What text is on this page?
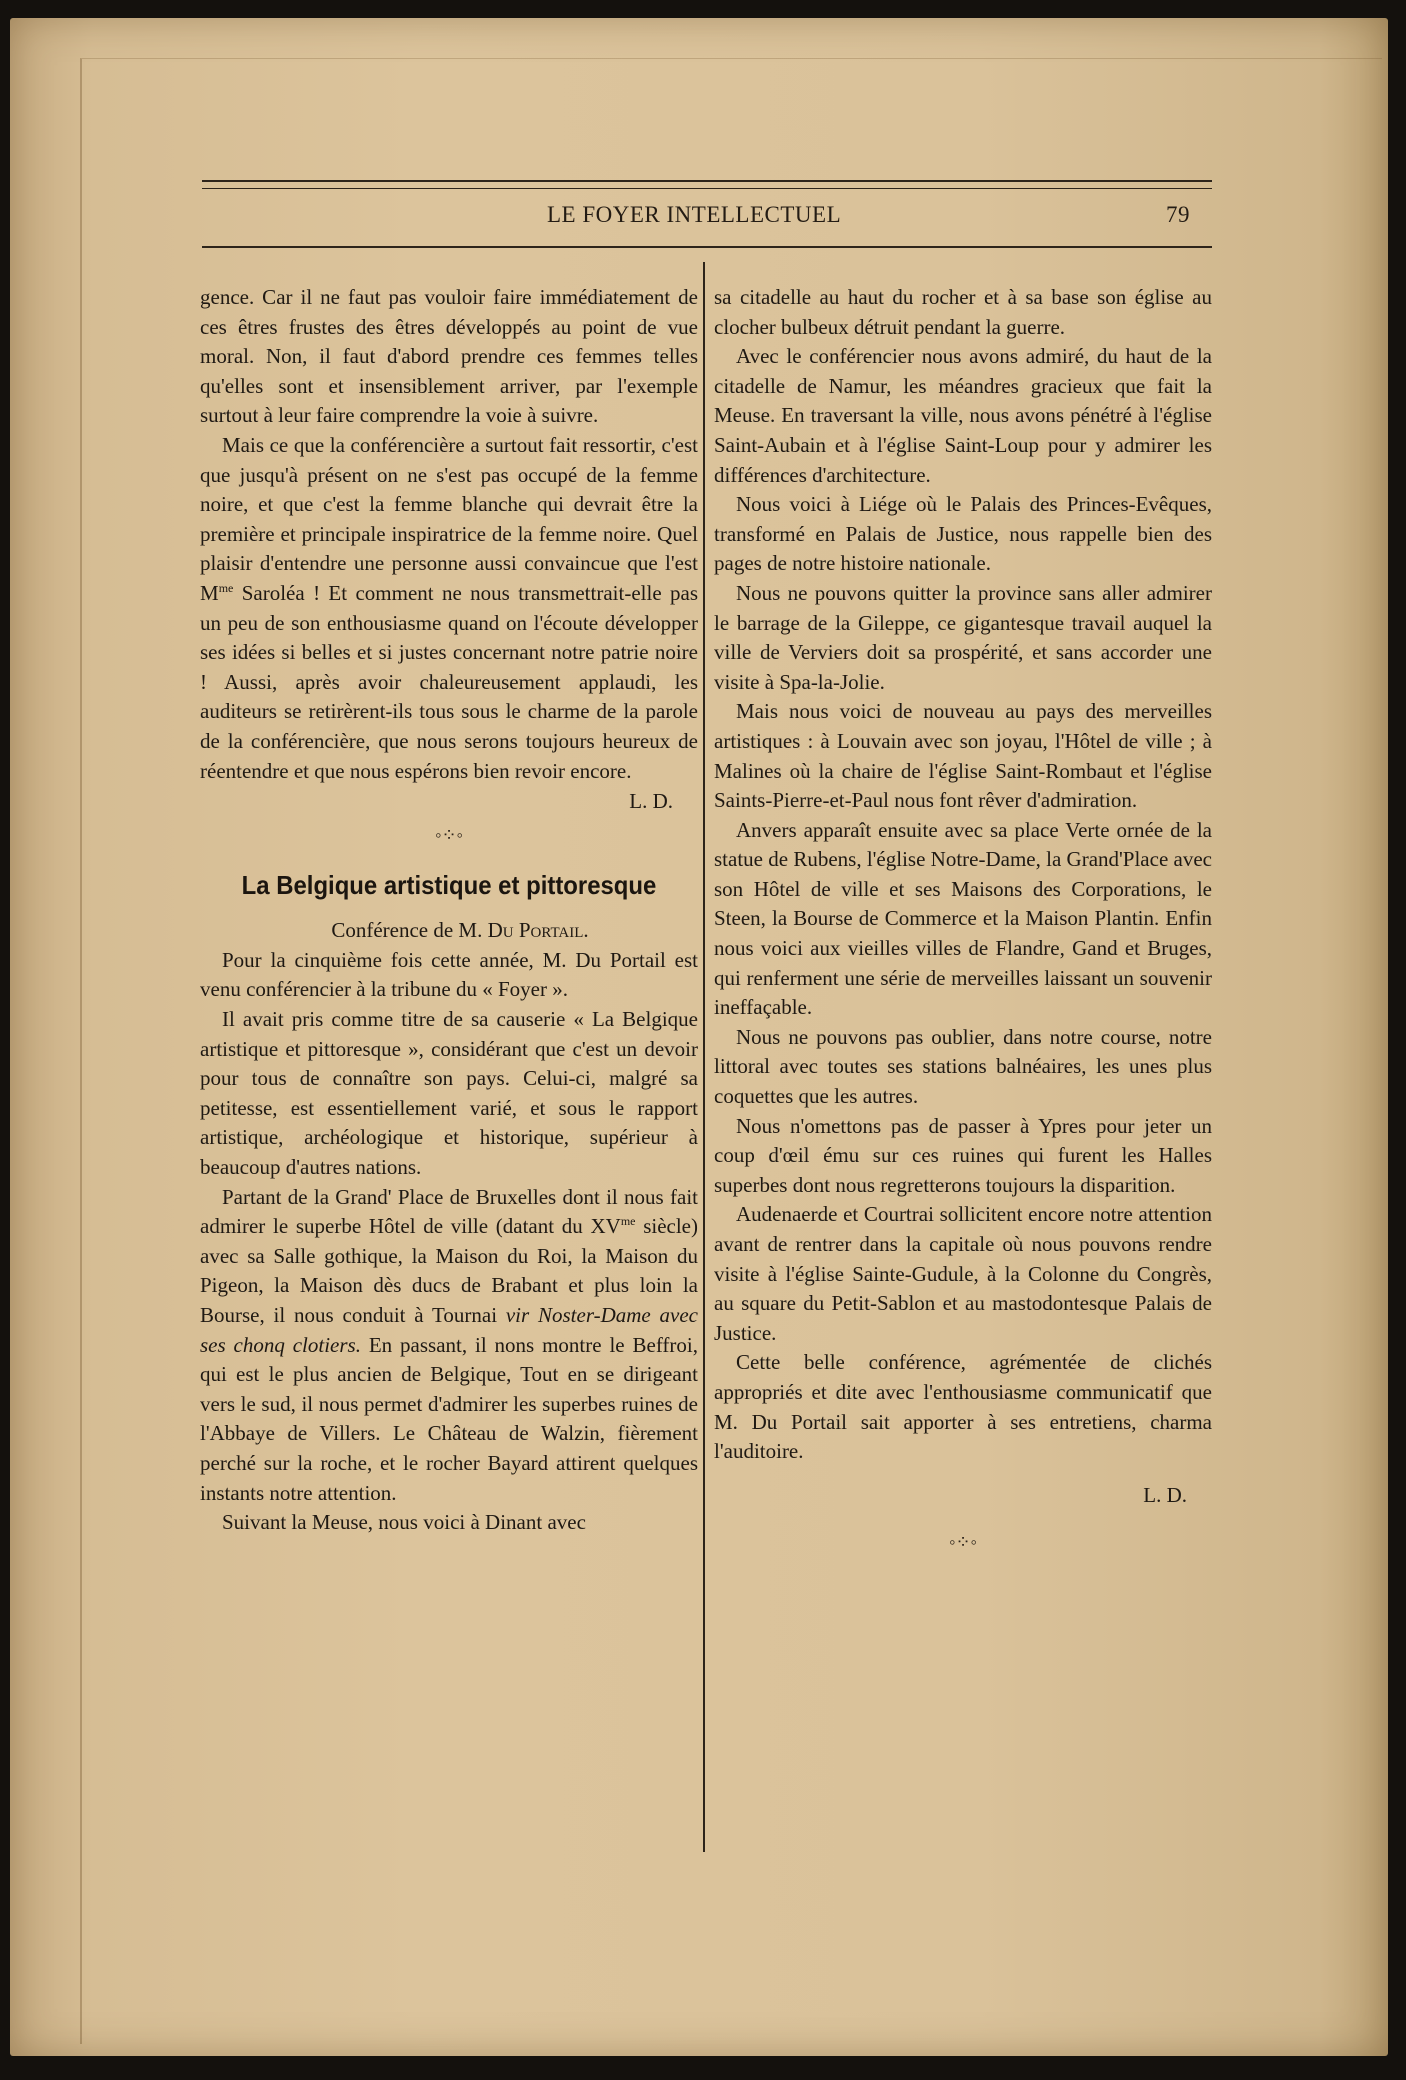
LE FOYER INTELLECTUEL	79

gence. Car il ne faut pas vouloir faire immédiatement de ces êtres frustes des êtres développés au point de vue moral. Non, il faut d'abord prendre ces femmes telles qu'elles sont et insensiblement arriver, par l'exemple surtout à leur faire comprendre la voie à suivre.

Mais ce que la conférencière a surtout fait ressortir, c'est que jusqu'à présent on ne s'est pas occupé de la femme noire, et que c'est la femme blanche qui devrait être la première et principale inspiratrice de la femme noire. Quel plaisir d'entendre une personne aussi convaincue que l'est $M^{me}$ Saroléa ! Et comment ne nous transmettrait-elle pas un peu de son enthousiasme quand on l'écoute développer ses idées si belles et si justes concernant notre patrie noire ! Aussi, après avoir chaleureusement applaudi, les auditeurs se retirèrent-ils tous sous le charme de la parole de la conférencière, que nous serons toujours heureux de réentendre et que nous espérons bien revoir encore.

L. D.

◦⁘◦
La Belgique artistique et pittoresque

Conférence de M. Du Portail.

Pour la cinquième fois cette année, M. Du Portail est venu conférencier à la tribune du « Foyer ».

Il avait pris comme titre de sa causerie « La Belgique artistique et pittoresque », considérant que c'est un devoir pour tous de connaître son pays. Celui-ci, malgré sa petitesse, est essentiellement varié, et sous le rapport artistique, archéologique et historique, supérieur à beaucoup d'autres nations.

Partant de la Grand' Place de Bruxelles dont il nous fait admirer le superbe Hôtel de ville (datant du $XV^{me}$ siècle) avec sa Salle gothique, la Maison du Roi, la Maison du Pigeon, la Maison dès ducs de Brabant et plus loin la Bourse, il nous conduit à Tournai vir Noster-Dame avec ses chonq clotiers. En passant, il nons montre le Beffroi, qui est le plus ancien de Belgique, Tout en se dirigeant vers le sud, il nous permet d'admirer les superbes ruines de l'Abbaye de Villers. Le Château de Walzin, fièrement perché sur la roche, et le rocher Bayard attirent quelques instants notre attention.

Suivant la Meuse, nous voici à Dinant avec

sa citadelle au haut du rocher et à sa base son église au clocher bulbeux détruit pendant la guerre.

Avec le conférencier nous avons admiré, du haut de la citadelle de Namur, les méandres gracieux que fait la Meuse. En traversant la ville, nous avons pénétré à l'église Saint-Aubain et à l'église Saint-Loup pour y admirer les différences d'architecture.

Nous voici à Liége où le Palais des Princes-Evêques, transformé en Palais de Justice, nous rappelle bien des pages de notre histoire nationale.

Nous ne pouvons quitter la province sans aller admirer le barrage de la Gileppe, ce gigantesque travail auquel la ville de Verviers doit sa prospérité, et sans accorder une visite à Spa-la-Jolie.

Mais nous voici de nouveau au pays des merveilles artistiques : à Louvain avec son joyau, l'Hôtel de ville ; à Malines où la chaire de l'église Saint-Rombaut et l'église Saints-Pierre-et-Paul nous font rêver d'admiration.

Anvers apparaît ensuite avec sa place Verte ornée de la statue de Rubens, l'église Notre-Dame, la Grand'Place avec son Hôtel de ville et ses Maisons des Corporations, le Steen, la Bourse de Commerce et la Maison Plantin. Enfin nous voici aux vieilles villes de Flandre, Gand et Bruges, qui renferment une série de merveilles laissant un souvenir ineffaçable.

Nous ne pouvons pas oublier, dans notre course, notre littoral avec toutes ses stations balnéaires, les unes plus coquettes que les autres.

Nous n'omettons pas de passer à Ypres pour jeter un coup d'œil ému sur ces ruines qui furent les Halles superbes dont nous regretterons toujours la disparition.

Audenaerde et Courtrai sollicitent encore notre attention avant de rentrer dans la capitale où nous pouvons rendre visite à l'église Sainte-Gudule, à la Colonne du Congrès, au square du Petit-Sablon et au mastodontesque Palais de Justice.

Cette belle conférence, agrémentée de clichés appropriés et dite avec l'enthousiasme communicatif que M. Du Portail sait apporter à ses entretiens, charma l'auditoire.

L. D.

◦⁘◦
